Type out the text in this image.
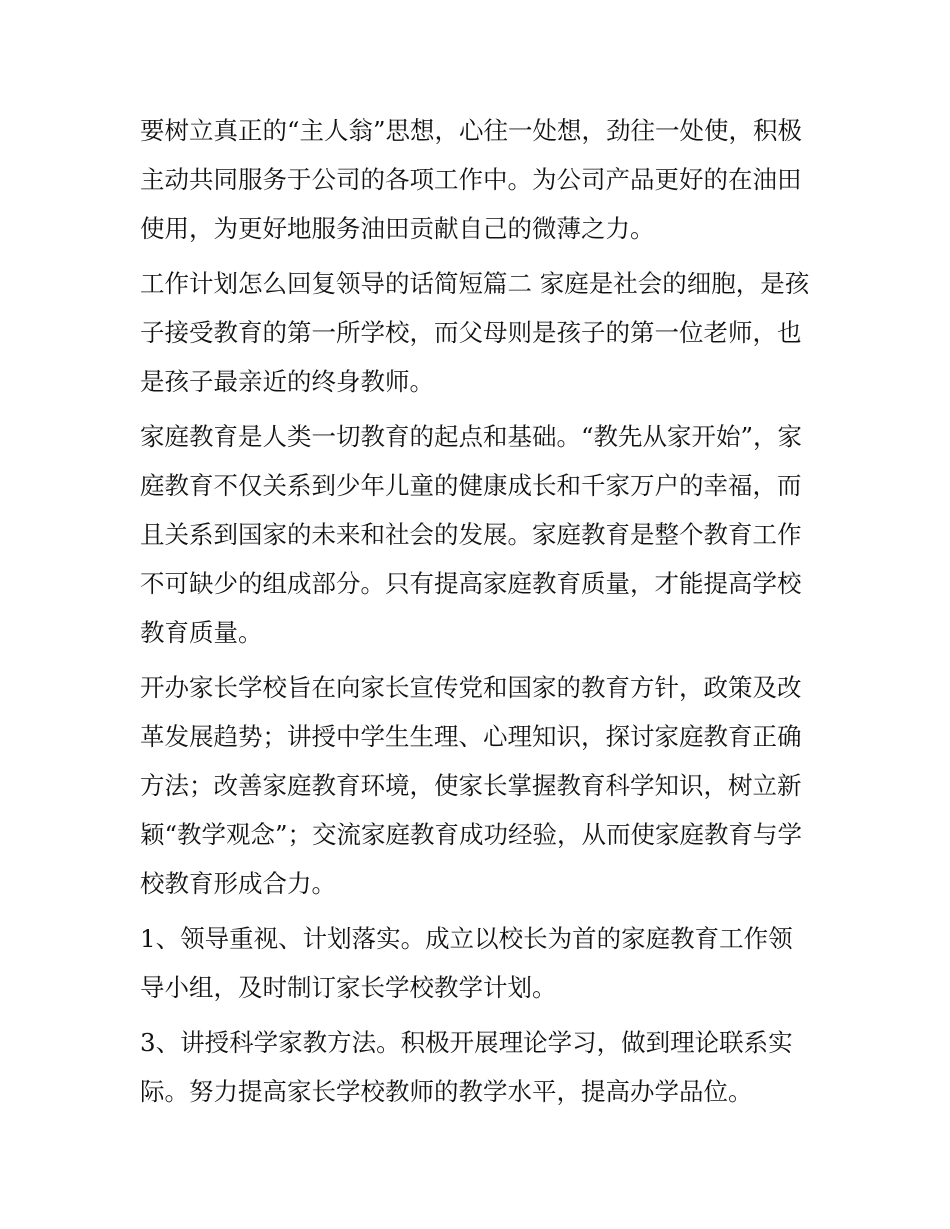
要树立真正的“主人翁”思想，心往一处想，劲往一处使，积极主动共同服务于公司的各项工作中。为公司产品更好的在油田使用，为更好地服务油田贡献自己的微薄之力。

工作计划怎么回复领导的话简短篇二 家庭是社会的细胞，是孩子接受教育的第一所学校，而父母则是孩子的第一位老师，也是孩子最亲近的终身教师。

家庭教育是人类一切教育的起点和基础。“教先从家开始”，家庭教育不仅关系到少年儿童的健康成长和千家万户的幸福，而且关系到国家的未来和社会的发展。家庭教育是整个教育工作不可缺少的组成部分。只有提高家庭教育质量，才能提高学校教育质量。

开办家长学校旨在向家长宣传党和国家的教育方针，政策及改革发展趋势；讲授中学生生理、心理知识，探讨家庭教育正确方法；改善家庭教育环境，使家长掌握教育科学知识，树立新颖“教学观念”；交流家庭教育成功经验，从而使家庭教育与学校教育形成合力。

1、领导重视、计划落实。成立以校长为首的家庭教育工作领导小组，及时制订家长学校教学计划。

3、讲授科学家教方法。积极开展理论学习，做到理论联系实际。努力提高家长学校教师的教学水平，提高办学品位。
